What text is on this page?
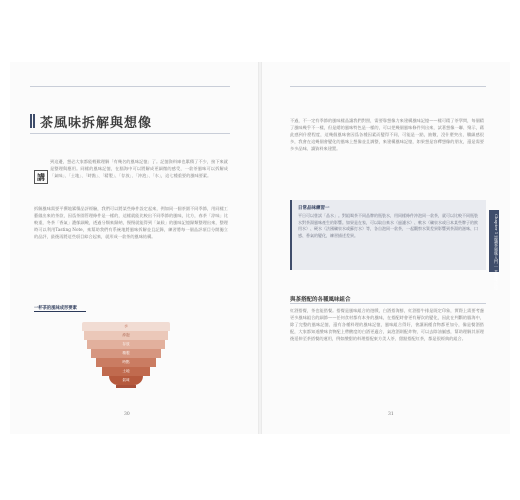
茶風味拆解與想像
講
到這邊，想必大家都能輕鬆理解「有幾名的風味記憶」了。記憶資料庫也累積了不少，接下來就是整理與應用。同樣的風味記憶，在腦海中可以將解成更細微的感受，一款茶風味可以拆解成「氣味」、「土地」、「時點」、「精製」、「存放」、「沖泡」、「水」，這七種重要的風味要素。
拆解風味需要平撰地累積品評經驗，我們可以將某些條件設定起來，例如同一個茶園不同季節，用同樣工藝做出來的茶款，因爲茶園管理條件是一樣的，這樣就能比較出不同季節的風味，比方，春茶「涼味」比較重，冬茶「香氣」濃郁細緻，透過分類來歸納，慢慢就能得到「氣候」的風味記憶歸類整理出來，整理時可以利用Tasting Note，來幫助我們有系統地將風味拆解並且記錄，練習將每一個品評項目分開獨立的品評，最後再將這些項目綜合起來，就形成一款茶的風味結構。
一杯茶的風味成形要素
水
沖泡
存放
精製
時點
土地
氣味
30
不過，不一定有季節的風味樣品讓我們對照，需要靠想像力來建構風味記憶——樣可精了茶學問，每個精了風味幾乎不一樣，但是總的風味特色是一樣的，可以把幾個風味條件列出來，試著想像一聯、聚示，藉此感到什麼程度，這幾個風味會因爲各種因素而變得不同，可能是一點，抽數，沒什麼突出，纖細感很多，我會在這幾個會變化的風味上想像並且調整，來建構風味記憶，如果想是容釋想像的朋友，還是需要多多品味、讀資料來建置。
日常品味練習一
平日可以嘗試「品水」。對組喝茶不同品牌的瓶裝水，用同樣條件沖泡同一款茶，就可以比較不同瓶裝水對茶湯風味產生的影響。如果是在家，可以取自來水（過濾水）、軟水（礦泉水或日本某些牌子的飲用水）、硬水（法國礦泉水或蘇打水）等，各自泡同一款茶，一起觀察水質差異影響到茶湯的滋味、口感、香氣的變化，練習描述差異。
與茶搭配的各種風味組合
紅酒搭餐，茶也能搭餐。搭餐是風味組合的遊戲，白酒搭海鮮，紅酒搭牛排是既定印象，實際上需要考慮更多風味組合的細節——任何食材都有本身的風味，在搭配時會更有層次的變化，因此在判斷的腦海中，除了完整的風味記憶，還有各種料理的風味記憶，風味組合得好，會讓兩種食物都更加分，像是餐酒搭配，大家都知道酸味食物配上帶酸度的白酒更適合，氣泡酒則配炸物，可以去除油膩感，幫助理解其原理後延伸至茶搭餐的運用，例如酸甜的料理搭配東方美人茶、甜點搭配紅茶，都是很經典的組合。
Chapter 1 認識茶風味入門 ｜ 茶風味記憶
31
